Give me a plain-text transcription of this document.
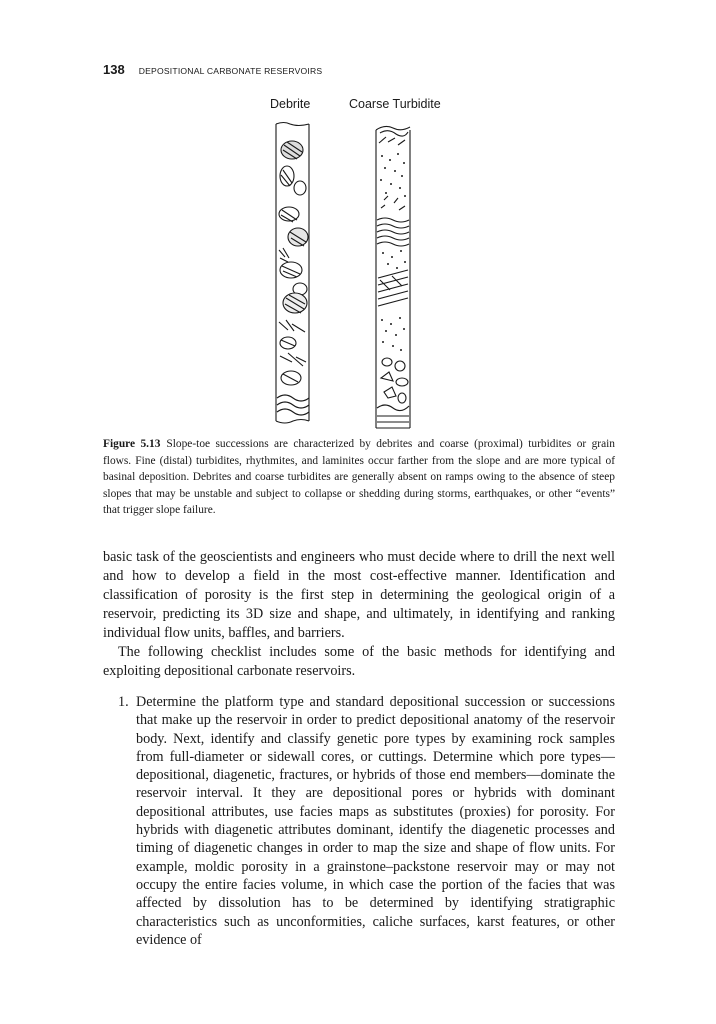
138 DEPOSITIONAL CARBONATE RESERVOIRS
Debrite	Coarse Turbidite
Figure 5.13 Slope-toe successions are characterized by debrites and coarse (proximal) turbidites or grain flows. Fine (distal) turbidites, rhythmites, and laminites occur farther from the slope and are more typical of basinal deposition. Debrites and coarse turbidites are generally absent on ramps owing to the absence of steep slopes that may be unstable and subject to collapse or shedding during storms, earthquakes, or other “events” that trigger slope failure.

basic task of the geoscientists and engineers who must decide where to drill the next well and how to develop a field in the most cost-effective manner. Identification and classification of porosity is the first step in determining the geological origin of a reservoir, predicting its 3D size and shape, and ultimately, in identifying and ranking individual flow units, baffles, and barriers.

The following checklist includes some of the basic methods for identifying and exploiting depositional carbonate reservoirs.

1. Determine the platform type and standard depositional succession or successions that make up the reservoir in order to predict depositional anatomy of the reservoir body. Next, identify and classify genetic pore types by examining rock samples from full-diameter or sidewall cores, or cuttings. Determine which pore types—depositional, diagenetic, fractures, or hybrids of those end members—dominate the reservoir interval. It they are depositional pores or hybrids with dominant depositional attributes, use facies maps as substitutes (proxies) for porosity. For hybrids with diagenetic attributes dominant, identify the diagenetic processes and timing of diagenetic changes in order to map the size and shape of flow units. For example, moldic porosity in a grainstone–packstone reservoir may or may not occupy the entire facies volume, in which case the portion of the facies that was affected by dissolution has to be determined by identifying stratigraphic characteristics such as unconformities, caliche surfaces, karst features, or other evidence of
